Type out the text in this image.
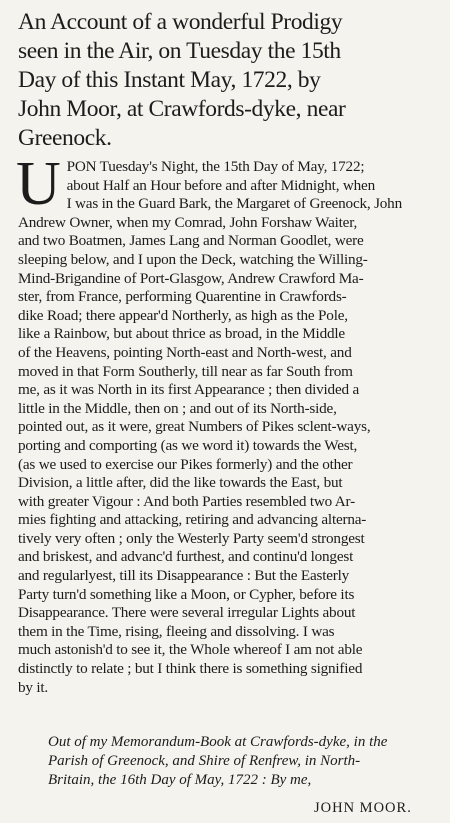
An Account of a wonderful Prodigy
seen in the Air, on Tuesday the 15th
Day of this Instant May, 1722, by
John Moor, at Crawfords-dyke, near
Greenock.
U PON Tuesday's Night, the 15th Day of May, 1722;
about Half an Hour before and after Midnight, when
I was in the Guard Bark, the Margaret of Greenock, John
Andrew Owner, when my Comrad, John Forshaw Waiter,
and two Boatmen, James Lang and Norman Goodlet, were
sleeping below, and I upon the Deck, watching the Willing-
Mind-Brigandine of Port-Glasgow, Andrew Crawford Ma-
ster, from France, performing Quarentine in Crawfords-
dike Road; there appear'd Northerly, as high as the Pole,
like a Rainbow, but about thrice as broad, in the Middle
of the Heavens, pointing North-east and North-west, and
moved in that Form Southerly, till near as far South from
me, as it was North in its first Appearance ; then divided a
little in the Middle, then on ; and out of its North-side,
pointed out, as it were, great Numbers of Pikes sclent-ways,
porting and comporting (as we word it) towards the West,
(as we used to exercise our Pikes formerly) and the other
Division, a little after, did the like towards the East, but
with greater Vigour : And both Parties resembled two Ar-
mies fighting and attacking, retiring and advancing alterna-
tively very often ; only the Westerly Party seem'd strongest
and briskest, and advanc'd furthest, and continu'd longest
and regularlyest, till its Disappearance : But the Easterly
Party turn'd something like a Moon, or Cypher, before its
Disappearance. There were several irregular Lights about
them in the Time, rising, fleeing and dissolving. I was
much astonish'd to see it, the Whole whereof I am not able
distinctly to relate ; but I think there is something signified
by it.
Out of my Memorandum-Book at Crawfords-dyke, in the
Parish of Greenock, and Shire of Renfrew, in North-
Britain, the 16th Day of May, 1722 : By me,
JOHN MOOR.
